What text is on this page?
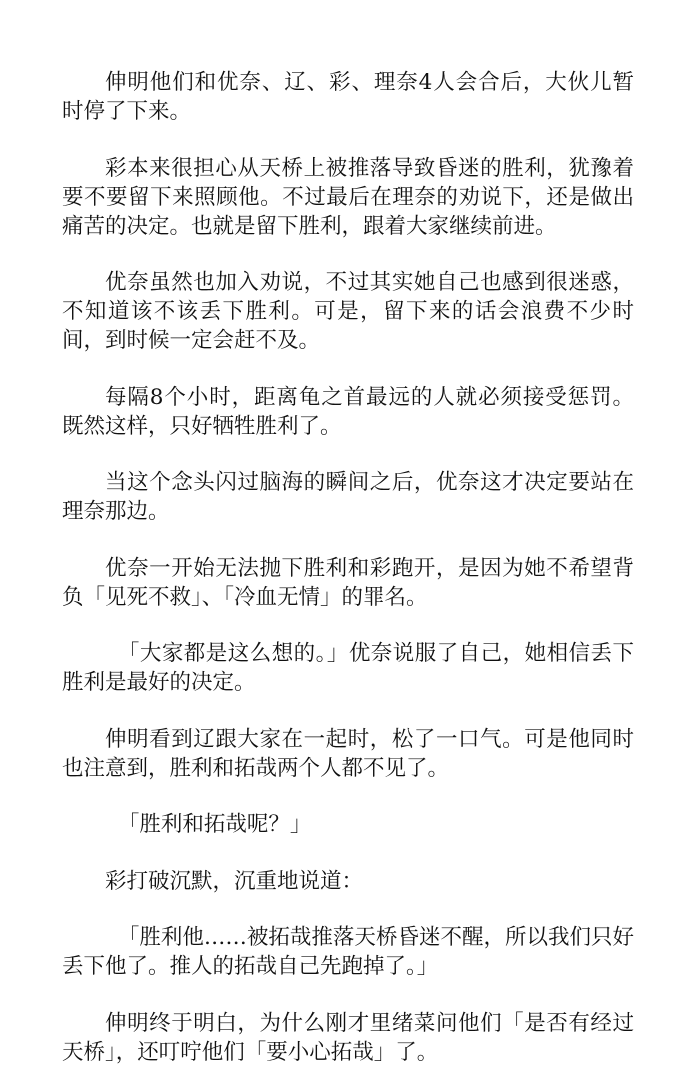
伸明他们和优奈、辽、彩、理奈4人会合后，大伙儿暂时停了下来。

彩本来很担心从天桥上被推落导致昏迷的胜利，犹豫着要不要留下来照顾他。不过最后在理奈的劝说下，还是做出痛苦的决定。也就是留下胜利，跟着大家继续前进。

优奈虽然也加入劝说，不过其实她自己也感到很迷惑，不知道该不该丢下胜利。可是，留下来的话会浪费不少时间，到时候一定会赶不及。

每隔8个小时，距离龟之首最远的人就必须接受惩罚。既然这样，只好牺牲胜利了。

当这个念头闪过脑海的瞬间之后，优奈这才决定要站在理奈那边。

优奈一开始无法抛下胜利和彩跑开，是因为她不希望背负「见死不救」、「冷血无情」的罪名。

「大家都是这么想的。」优奈说服了自己，她相信丢下胜利是最好的决定。

伸明看到辽跟大家在一起时，松了一口气。可是他同时也注意到，胜利和拓哉两个人都不见了。

「胜利和拓哉呢？」

彩打破沉默，沉重地说道：

「胜利他……被拓哉推落天桥昏迷不醒，所以我们只好丢下他了。推人的拓哉自己先跑掉了。」

伸明终于明白，为什么刚才里绪菜问他们「是否有经过天桥」，还叮咛他们「要小心拓哉」了。
